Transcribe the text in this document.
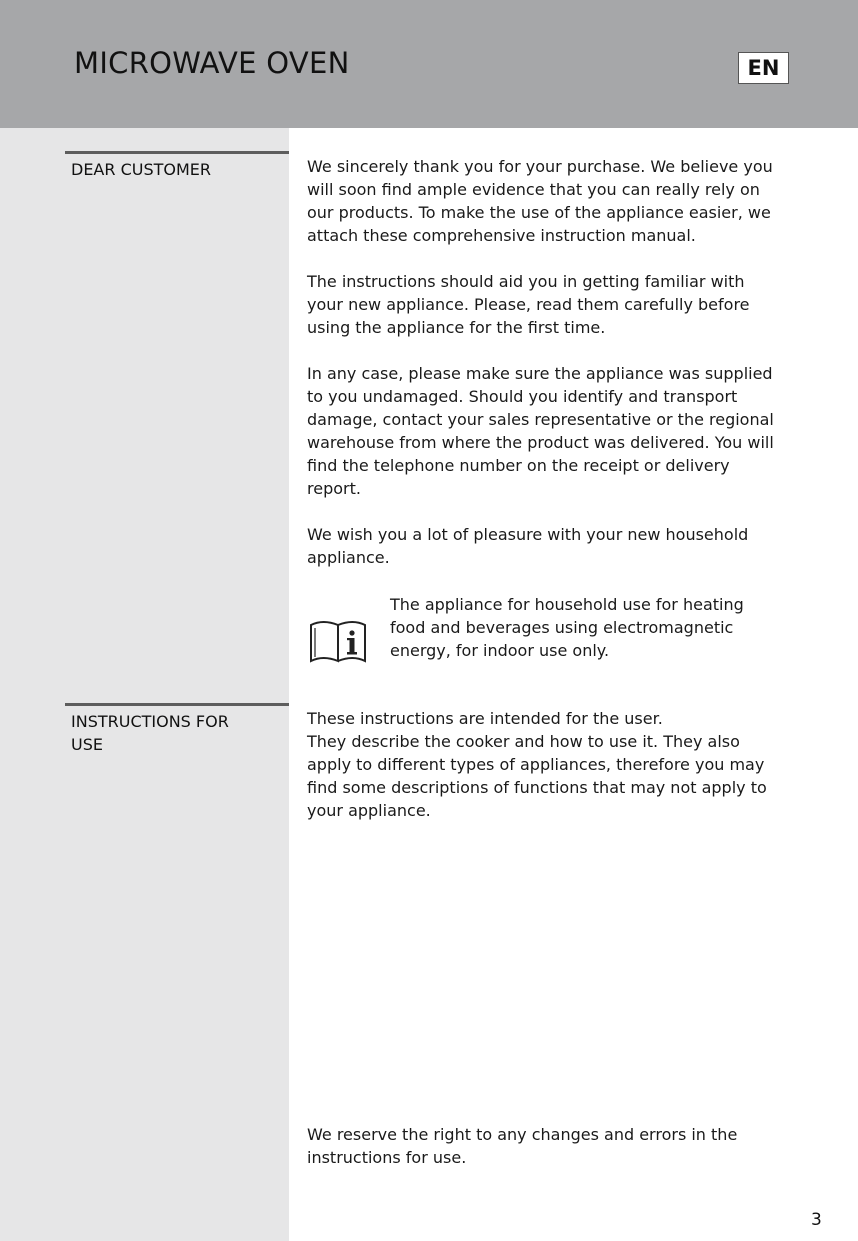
MICROWAVE OVEN	EN
DEAR CUSTOMER	We sincerely thank you for your purchase. We believe you will soon find ample evidence that you can really rely on our products. To make the use of the appliance easier, we attach these comprehensive instruction manual.

The instructions should aid you in getting familiar with your new appliance. Please, read them carefully before using the appliance for the first time.

In any case, please make sure the appliance was supplied to you undamaged. Should you identify and transport damage, contact your sales representative or the regional warehouse from where the product was delivered. You will find the telephone number on the receipt or delivery report.

We wish you a lot of pleasure with your new household appliance.

The appliance for household use for heating food and beverages using electromagnetic energy, for indoor use only.
INSTRUCTIONS FOR
USE
These instructions are intended for the user.
They describe the cooker and how to use it. They also apply to different types of appliances, therefore you may find some descriptions of functions that may not apply to your appliance.
We reserve the right to any changes and errors in the instructions for use.
3
